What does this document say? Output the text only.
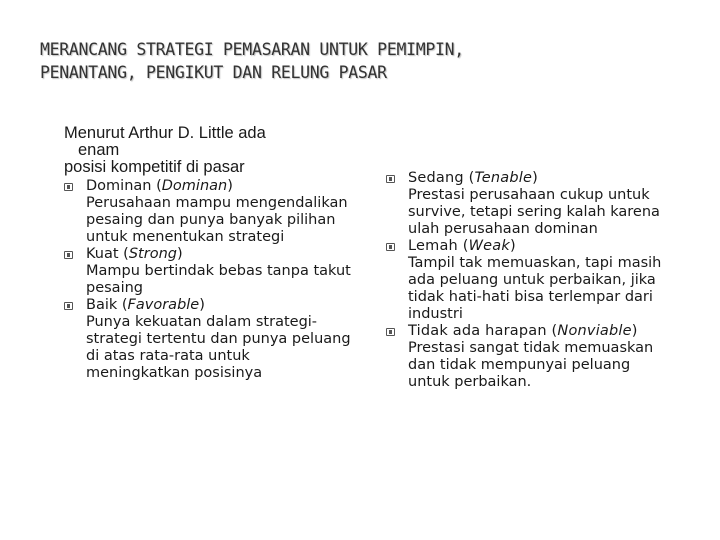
MERANCANG STRATEGI PEMASARAN UNTUK PEMIMPIN,
PENANTANG, PENGIKUT DAN RELUNG PASAR
Menurut Arthur D. Little ada
enam
posisi kompetitif di pasar
Dominan (Dominan)
Perusahaan mampu mengendalikan pesaing dan punya banyak pilihan untuk menentukan strategi
Kuat (Strong)
Mampu bertindak bebas tanpa takut pesaing
Baik (Favorable)
Punya kekuatan dalam strategi-strategi tertentu dan punya peluang di atas rata-rata untuk meningkatkan posisinya
Sedang (Tenable)
Prestasi perusahaan cukup untuk survive, tetapi sering kalah karena ulah perusahaan dominan
Lemah (Weak)
Tampil tak memuaskan, tapi masih ada peluang untuk perbaikan, jika tidak hati-hati bisa terlempar dari industri
Tidak ada harapan (Nonviable)
Prestasi sangat tidak memuaskan dan tidak mempunyai peluang untuk perbaikan.
